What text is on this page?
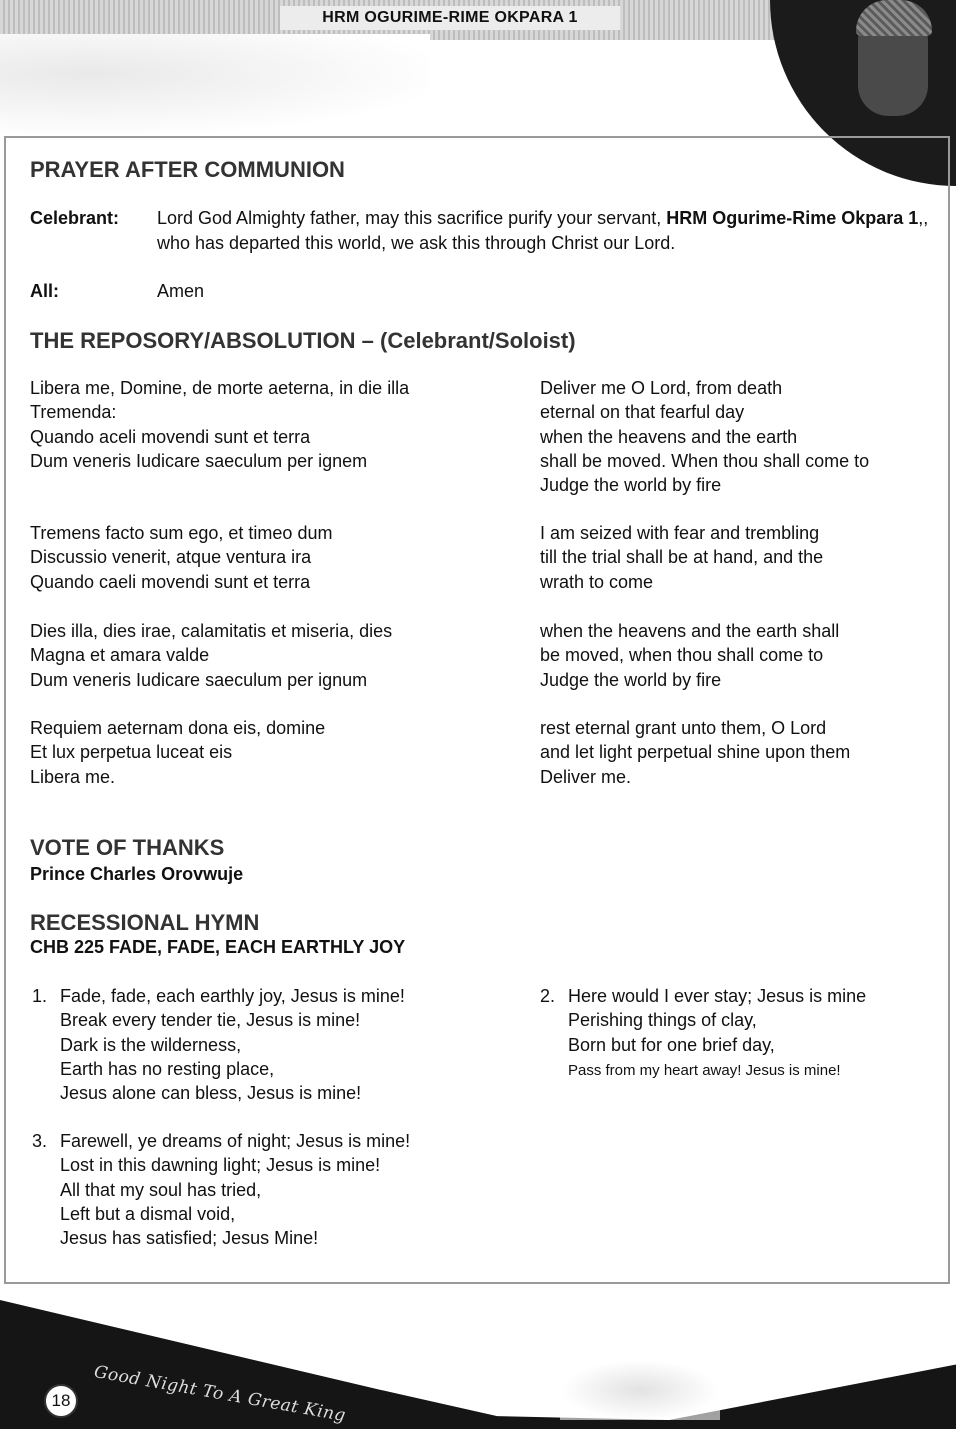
HRM OGURIME-RIME OKPARA 1
PRAYER AFTER COMMUNION
Celebrant: Lord God Almighty father, may this sacrifice purify your servant, HRM Ogurime-Rime Okpara 1,, who has departed this world, we ask this through Christ our Lord.
All:	Amen
THE REPOSORY/ABSOLUTION – (Celebrant/Soloist)
Libera me, Domine, de morte aeterna, in die illa
Tremenda:
Quando aceli movendi sunt et terra
Dum veneris Iudicare saeculum per ignem
Deliver me O Lord, from death
eternal on that fearful day
when the heavens and the earth
shall be moved. When thou shall come to
Judge the world by fire
Tremens facto sum ego, et timeo dum
Discussio venerit, atque ventura ira
Quando caeli movendi sunt et terra
I am seized with fear and trembling
till the trial shall be at hand, and the
wrath to come
Dies illa, dies irae, calamitatis et miseria, dies
Magna et amara valde
Dum veneris Iudicare saeculum per ignum
when the heavens and the earth shall
be moved, when thou shall come to
Judge the world by fire
Requiem aeternam dona eis, domine
Et lux perpetua luceat eis
Libera me.
rest eternal grant unto them, O Lord
and let light perpetual shine upon them
Deliver me.
VOTE OF THANKS
Prince Charles Orovwuje
RECESSIONAL HYMN
CHB 225 FADE, FADE, EACH EARTHLY JOY
1. Fade, fade, each earthly joy, Jesus is mine!
Break every tender tie, Jesus is mine!
Dark is the wilderness,
Earth has no resting place,
Jesus alone can bless, Jesus is mine!
2. Here would I ever stay; Jesus is mine
Perishing things of clay,
Born but for one brief day,
Pass from my heart away! Jesus is mine!
3. Farewell, ye dreams of night; Jesus is mine!
Lost in this dawning light; Jesus is mine!
All that my soul has tried,
Left but a dismal void,
Jesus has satisfied; Jesus Mine!
Good Night To A Great King
18
